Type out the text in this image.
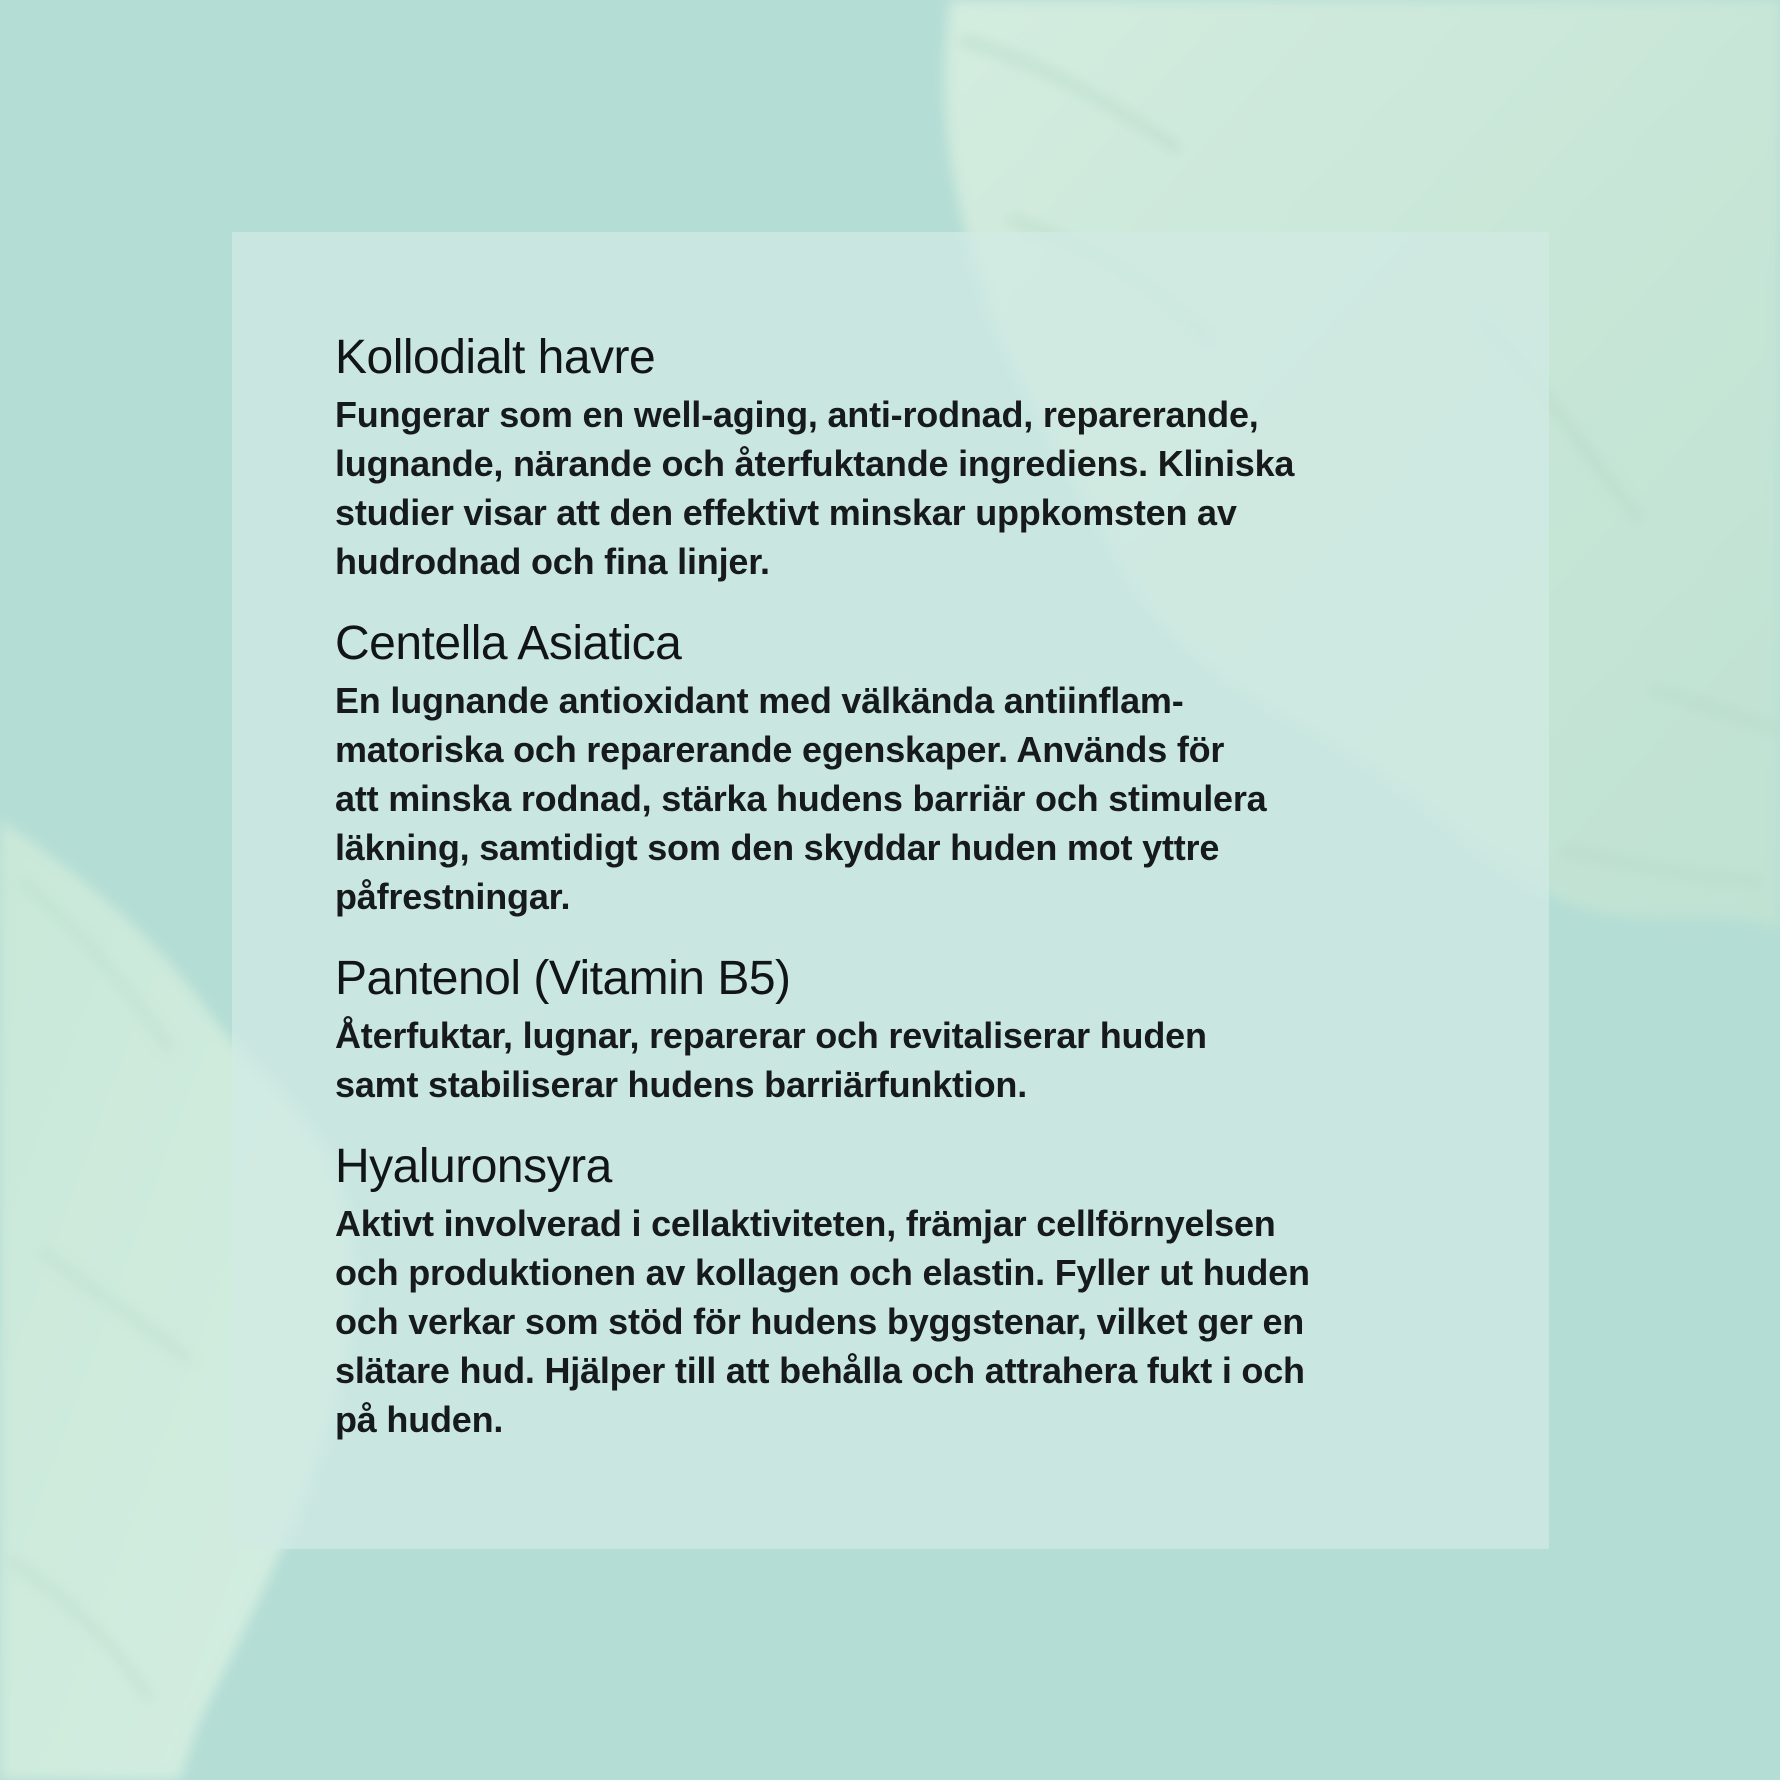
Kollodialt havre

Fungerar som en well-aging, anti-rodnad, reparerande,
lugnande, närande och återfuktande ingrediens. Kliniska
studier visar att den effektivt minskar uppkomsten av
hudrodnad och fina linjer.

Centella Asiatica

En lugnande antioxidant med välkända antiinflam-
matoriska och reparerande egenskaper. Används för
att minska rodnad, stärka hudens barriär och stimulera
läkning, samtidigt som den skyddar huden mot yttre
påfrestningar.

Pantenol (Vitamin B5)

Återfuktar, lugnar, reparerar och revitaliserar huden
samt stabiliserar hudens barriärfunktion.

Hyaluronsyra

Aktivt involverad i cellaktiviteten, främjar cellförnyelsen
och produktionen av kollagen och elastin. Fyller ut huden
och verkar som stöd för hudens byggstenar, vilket ger en
slätare hud. Hjälper till att behålla och attrahera fukt i och
på huden.
